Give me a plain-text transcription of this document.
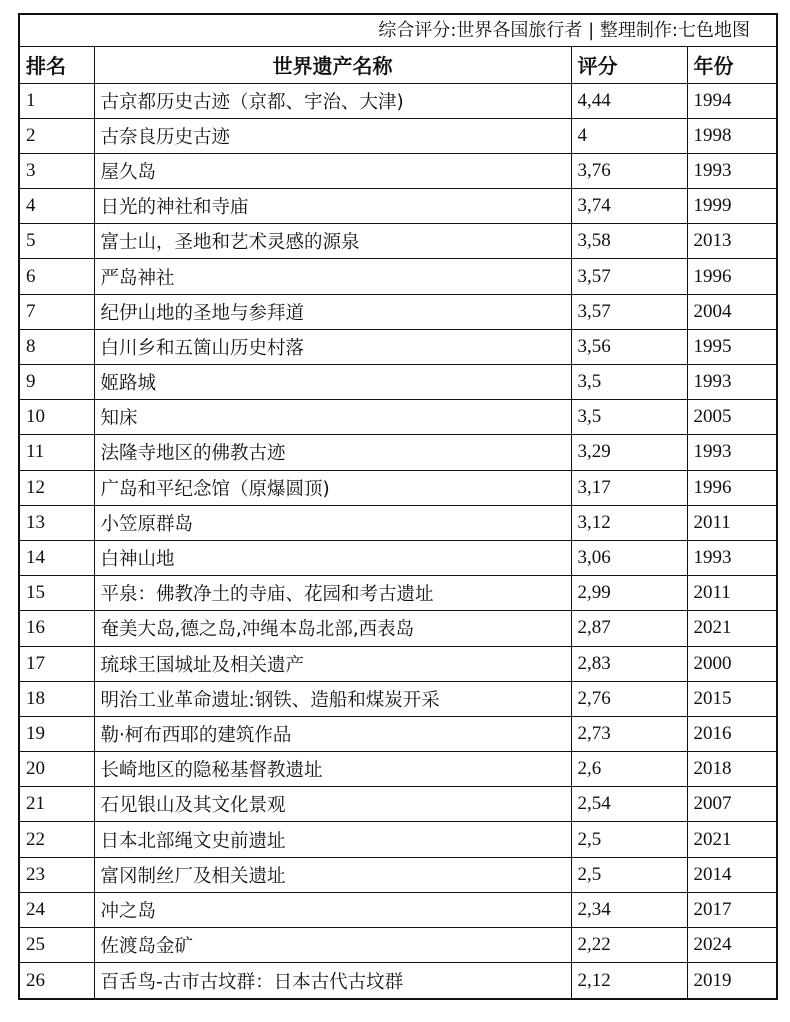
综合评分:世界各国旅行者 | 整理制作:七色地图
排名	世界遗产名称	评分	年份
1	古京都历史古迹（京都、宇治、大津)	4,44	1994
2	古奈良历史古迹	4	1998
3	屋久岛	3,76	1993
4	日光的神社和寺庙	3,74	1999
5	富士山，圣地和艺术灵感的源泉	3,58	2013
6	严岛神社	3,57	1996
7	纪伊山地的圣地与参拜道	3,57	2004
8	白川乡和五箇山历史村落	3,56	1995
9	姬路城	3,5	1993
10	知床	3,5	2005
11	法隆寺地区的佛教古迹	3,29	1993
12	广岛和平纪念馆（原爆圆顶)	3,17	1996
13	小笠原群岛	3,12	2011
14	白神山地	3,06	1993
15	平泉：佛教净土的寺庙、花园和考古遗址	2,99	2011
16	奄美大岛,德之岛,冲绳本岛北部,西表岛	2,87	2021
17	琉球王国城址及相关遗产	2,83	2000
18	明治工业革命遗址:钢铁、造船和煤炭开采	2,76	2015
19	勒·柯布西耶的建筑作品	2,73	2016
20	长崎地区的隐秘基督教遗址	2,6	2018
21	石见银山及其文化景观	2,54	2007
22	日本北部绳文史前遗址	2,5	2021
23	富冈制丝厂及相关遗址	2,5	2014
24	冲之岛	2,34	2017
25	佐渡岛金矿	2,22	2024
26	百舌鸟-古市古坟群：日本古代古坟群	2,12	2019
